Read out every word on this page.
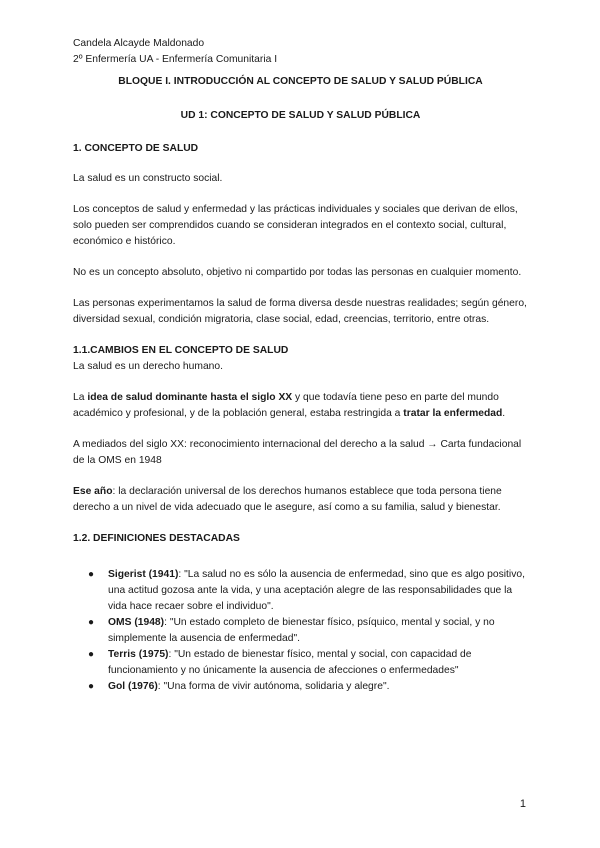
Candela Alcayde Maldonado

2º Enfermería UA - Enfermería Comunitaria I

BLOQUE I. INTRODUCCIÓN AL CONCEPTO DE SALUD Y SALUD PÚBLICA

UD 1: CONCEPTO DE SALUD Y SALUD PÚBLICA

1. CONCEPTO DE SALUD

La salud es un constructo social.

Los conceptos de salud y enfermedad y las prácticas individuales y sociales que derivan de ellos, solo pueden ser comprendidos cuando se consideran integrados en el contexto social, cultural, económico e histórico.

No es un concepto absoluto, objetivo ni compartido por todas las personas en cualquier momento.

Las personas experimentamos la salud de forma diversa desde nuestras realidades; según género, diversidad sexual, condición migratoria, clase social, edad, creencias, territorio, entre otras.

1.1.CAMBIOS EN EL CONCEPTO DE SALUD

La salud es un derecho humano.

La idea de salud dominante hasta el siglo XX y que todavía tiene peso en parte del mundo académico y profesional, y de la población general, estaba restringida a tratar la enfermedad.

A mediados del siglo XX: reconocimiento internacional del derecho a la salud → Carta fundacional de la OMS en 1948

Ese año: la declaración universal de los derechos humanos establece que toda persona tiene derecho a un nivel de vida adecuado que le asegure, así como a su familia, salud y bienestar.

1.2. DEFINICIONES DESTACADAS

● Sigerist (1941): "La salud no es sólo la ausencia de enfermedad, sino que es algo positivo, una actitud gozosa ante la vida, y una aceptación alegre de las responsabilidades que la vida hace recaer sobre el individuo".
● OMS (1948): "Un estado completo de bienestar físico, psíquico, mental y social, y no simplemente la ausencia de enfermedad".
● Terris (1975): "Un estado de bienestar físico, mental y social, con capacidad de funcionamiento y no únicamente la ausencia de afecciones o enfermedades"
● Gol (1976): "Una forma de vivir autónoma, solidaria y alegre".
1
